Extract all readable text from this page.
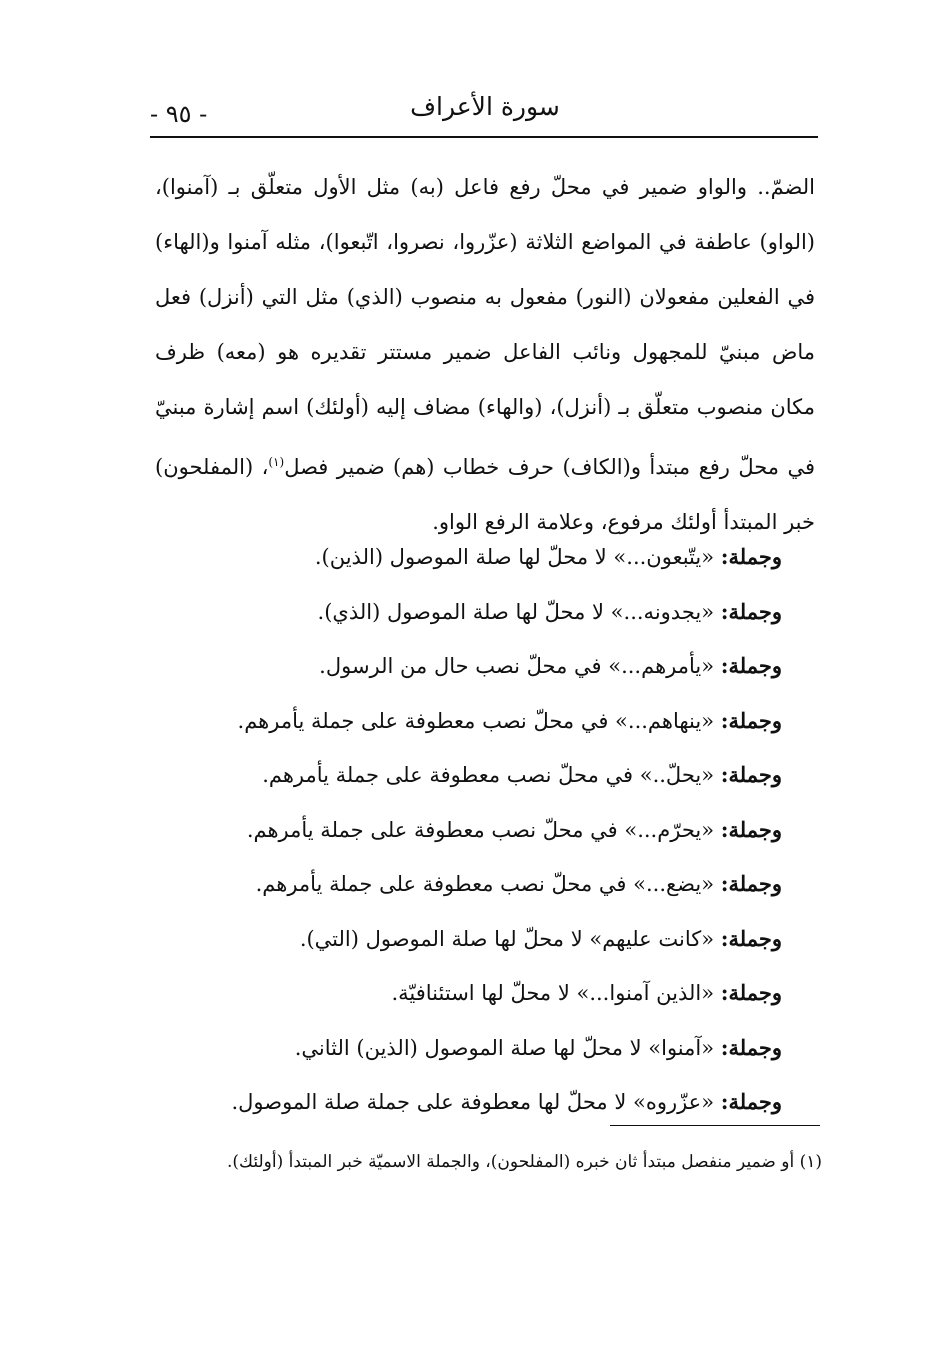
- ٩٥ -	سورة الأعراف

الضمّ.. والواو ضمير في محلّ رفع فاعل (به) مثل الأول متعلّق بـ (آمنوا)، (الواو) عاطفة في المواضع الثلاثة (عزّروا، نصروا، اتّبعوا)، مثله آمنوا و(الهاء) في الفعلين مفعولان (النور) مفعول به منصوب (الذي) مثل التي (أنزل) فعل ماض مبنيّ للمجهول ونائب الفاعل ضمير مستتر تقديره هو (معه) ظرف مكان منصوب متعلّق بـ (أنزل)، (والهاء) مضاف إليه (أولئك) اسم إشارة مبنيّ في محلّ رفع مبتدأ و(الكاف) حرف خطاب (هم) ضمير فصل$^{(١)}$، (المفلحون) خبر المبتدأ أولئك مرفوع، وعلامة الرفع الواو.

وجملة: «يتّبعون...» لا محلّ لها صلة الموصول (الذين).
وجملة: «يجدونه...» لا محلّ لها صلة الموصول (الذي).
وجملة: «يأمرهم...» في محلّ نصب حال من الرسول.
وجملة: «ينهاهم...» في محلّ نصب معطوفة على جملة يأمرهم.
وجملة: «يحلّ..» في محلّ نصب معطوفة على جملة يأمرهم.
وجملة: «يحرّم...» في محلّ نصب معطوفة على جملة يأمرهم.
وجملة: «يضع...» في محلّ نصب معطوفة على جملة يأمرهم.
وجملة: «كانت عليهم» لا محلّ لها صلة الموصول (التي).
وجملة: «الذين آمنوا...» لا محلّ لها استئنافيّة.
وجملة: «آمنوا» لا محلّ لها صلة الموصول (الذين) الثاني.
وجملة: «عزّروه» لا محلّ لها معطوفة على جملة صلة الموصول.

(١) أو ضمير منفصل مبتدأ ثان خبره (المفلحون)، والجملة الاسميّة خبر المبتدأ (أولئك).
